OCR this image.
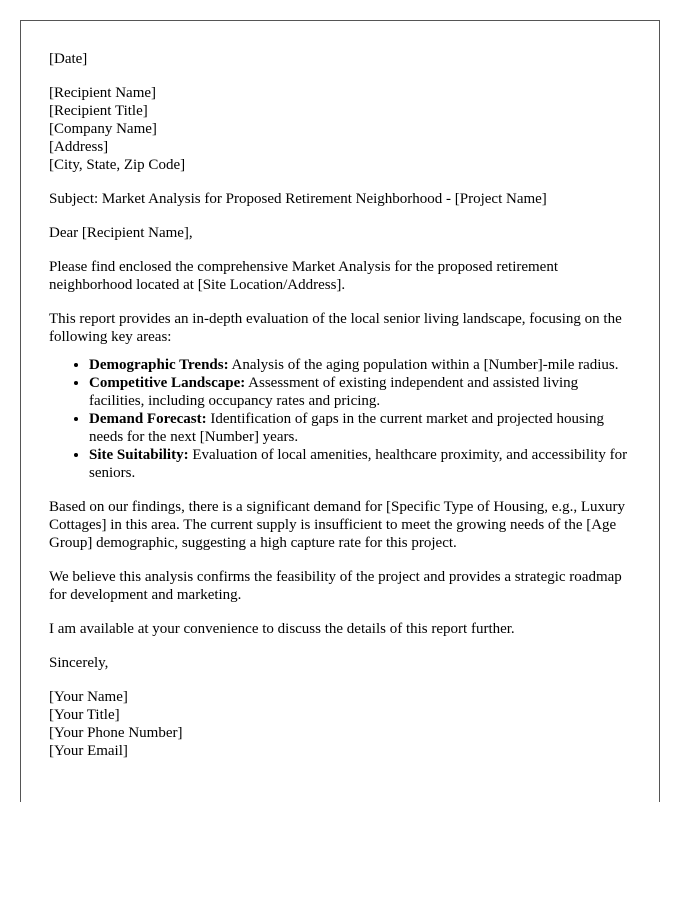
[Date]

[Recipient Name]
[Recipient Title]
[Company Name]
[Address]
[City, State, Zip Code]

Subject: Market Analysis for Proposed Retirement Neighborhood - [Project Name]

Dear [Recipient Name],

Please find enclosed the comprehensive Market Analysis for the proposed retirement neighborhood located at [Site Location/Address].

This report provides an in-depth evaluation of the local senior living landscape, focusing on the following key areas:

• Demographic Trends: Analysis of the aging population within a [Number]-mile radius.
• Competitive Landscape: Assessment of existing independent and assisted living facilities, including occupancy rates and pricing.
• Demand Forecast: Identification of gaps in the current market and projected housing needs for the next [Number] years.
• Site Suitability: Evaluation of local amenities, healthcare proximity, and accessibility for seniors.

Based on our findings, there is a significant demand for [Specific Type of Housing, e.g., Luxury Cottages] in this area. The current supply is insufficient to meet the growing needs of the [Age Group] demographic, suggesting a high capture rate for this project.

We believe this analysis confirms the feasibility of the project and provides a strategic roadmap for development and marketing.

I am available at your convenience to discuss the details of this report further.

Sincerely,

[Your Name]
[Your Title]
[Your Phone Number]
[Your Email]
